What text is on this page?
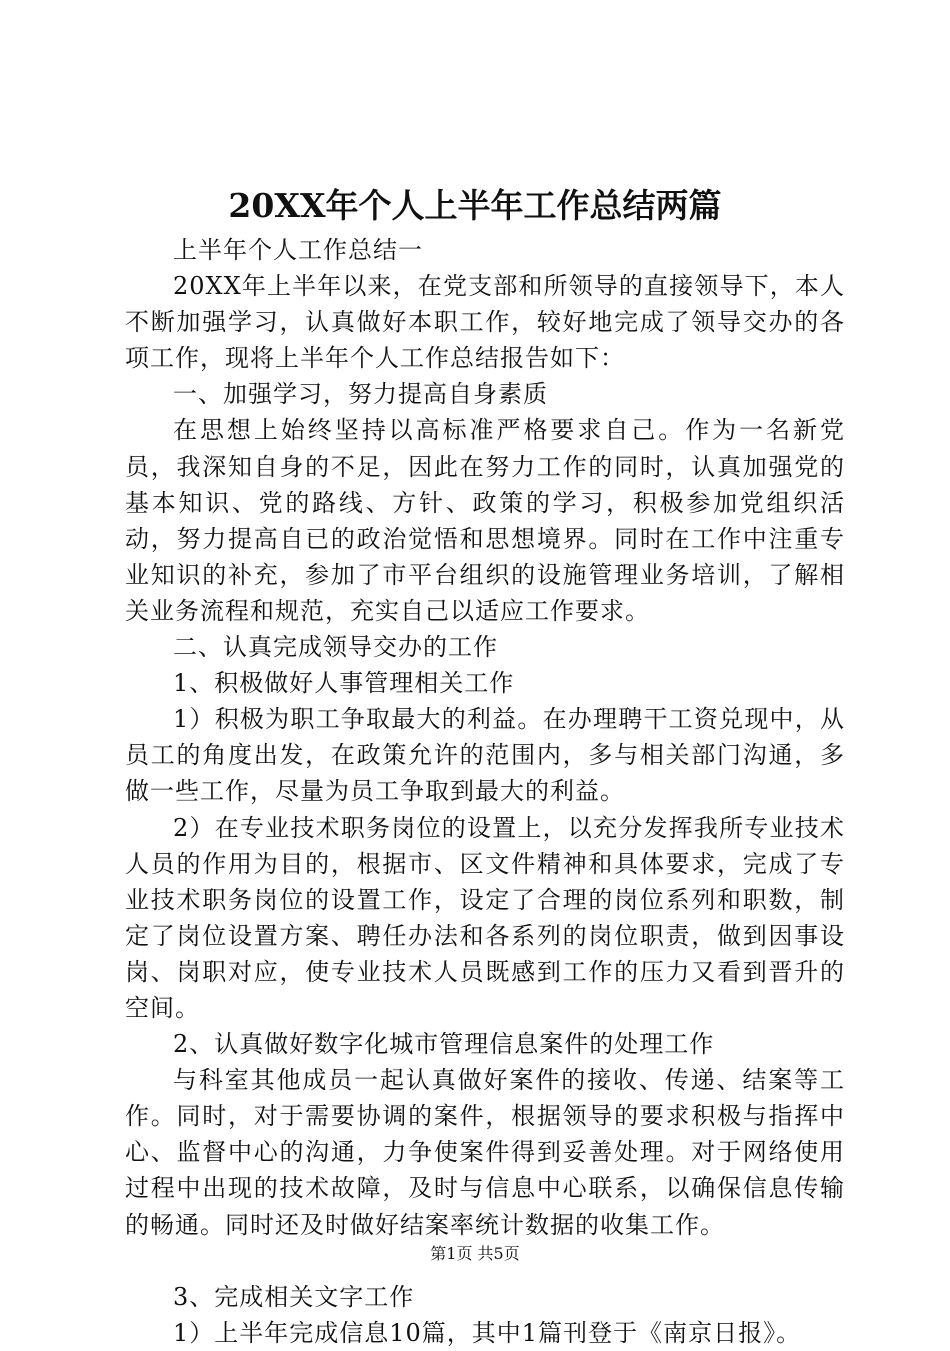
20XX年个人上半年工作总结两篇

上半年个人工作总结一

20XX年上半年以来，在党支部和所领导的直接领导下，本人不断加强学习，认真做好本职工作，较好地完成了领导交办的各项工作，现将上半年个人工作总结报告如下：

一、加强学习，努力提高自身素质

在思想上始终坚持以高标准严格要求自己。作为一名新党员，我深知自身的不足，因此在努力工作的同时，认真加强党的基本知识、党的路线、方针、政策的学习，积极参加党组织活动，努力提高自已的政治觉悟和思想境界。同时在工作中注重专业知识的补充，参加了市平台组织的设施管理业务培训，了解相关业务流程和规范，充实自己以适应工作要求。

二、认真完成领导交办的工作

1、积极做好人事管理相关工作

1）积极为职工争取最大的利益。在办理聘干工资兑现中，从员工的角度出发，在政策允许的范围内，多与相关部门沟通，多做一些工作，尽量为员工争取到最大的利益。

2）在专业技术职务岗位的设置上，以充分发挥我所专业技术人员的作用为目的，根据市、区文件精神和具体要求，完成了专业技术职务岗位的设置工作，设定了合理的岗位系列和职数，制定了岗位设置方案、聘任办法和各系列的岗位职责，做到因事设岗、岗职对应，使专业技术人员既感到工作的压力又看到晋升的空间。

2、认真做好数字化城市管理信息案件的处理工作

与科室其他成员一起认真做好案件的接收、传递、结案等工作。同时，对于需要协调的案件，根据领导的要求积极与指挥中心、监督中心的沟通，力争使案件得到妥善处理。对于网络使用过程中出现的技术故障，及时与信息中心联系，以确保信息传输的畅通。同时还及时做好结案率统计数据的收集工作。

3、完成相关文字工作

1）上半年完成信息10篇，其中1篇刊登于《南京日报》。

第1页 共5页
